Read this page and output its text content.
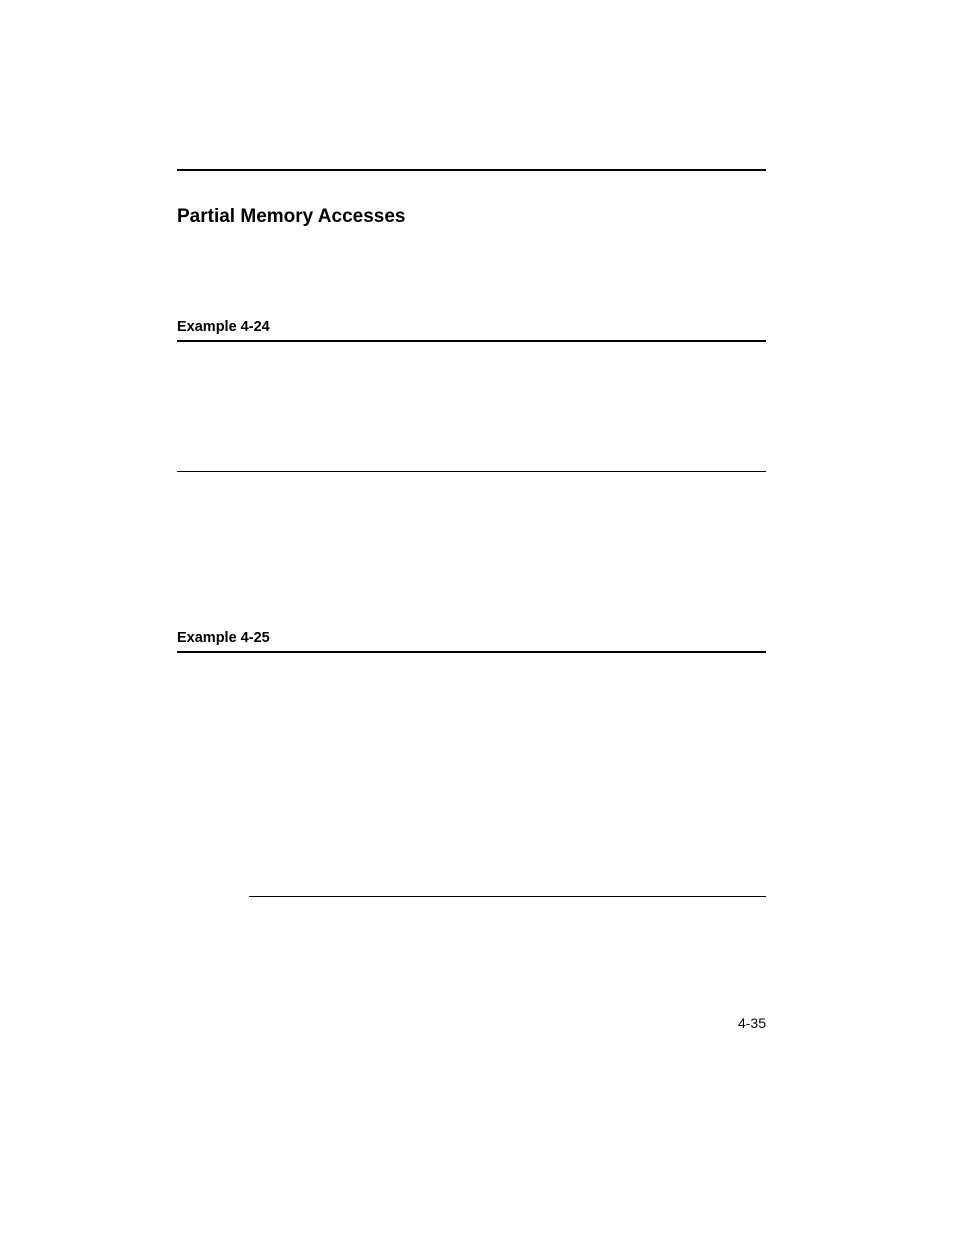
Partial Memory Accesses
Example 4-24
Example 4-25
4-35
